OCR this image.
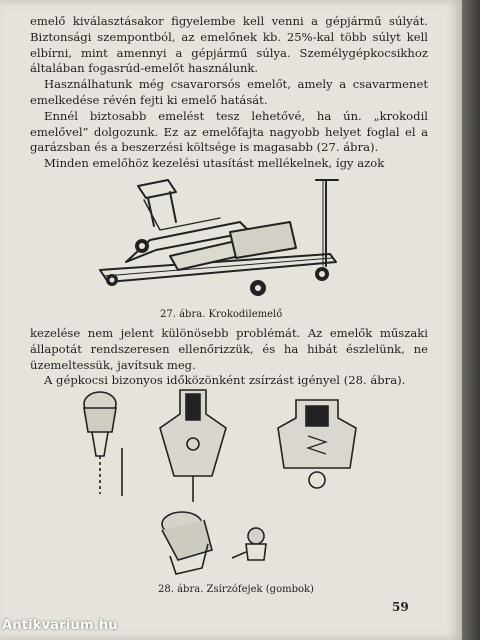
emelő kiválasztásakor figyelembe kell venni a gépjármű súlyát. Biztonsági szempontból, az emelőnek kb. 25%-kal több súlyt kell elbírni, mint amennyi a gépjármű súlya. Személygépkocsikhoz általában fogasrúd-emelőt használunk.

Használhatunk még csavarorsós emelőt, amely a csavarmenet emelkedése révén fejti ki emelő hatását.

Ennél biztosabb emelést tesz lehetővé, ha ún. „krokodil emelővel” dolgozunk. Ez az emelőfajta nagyobb helyet foglal el a garázsban és a beszerzési költsége is magasabb (27. ábra).

Minden emelőhöz kezelési utasítást mellékelnek, így azok

27. ábra. Krokodilemelő

kezelése nem jelent különösebb problémát. Az emelők műszaki állapotát rendszeresen ellenőrizzük, és ha hibát észlelünk, ne üzemeltessük, javítsuk meg.

A gépkocsi bizonyos időközönként zsírzást igényel (28. ábra).

28. ábra. Zsírzófejek (gombok)
59
Antikvarium.hu
